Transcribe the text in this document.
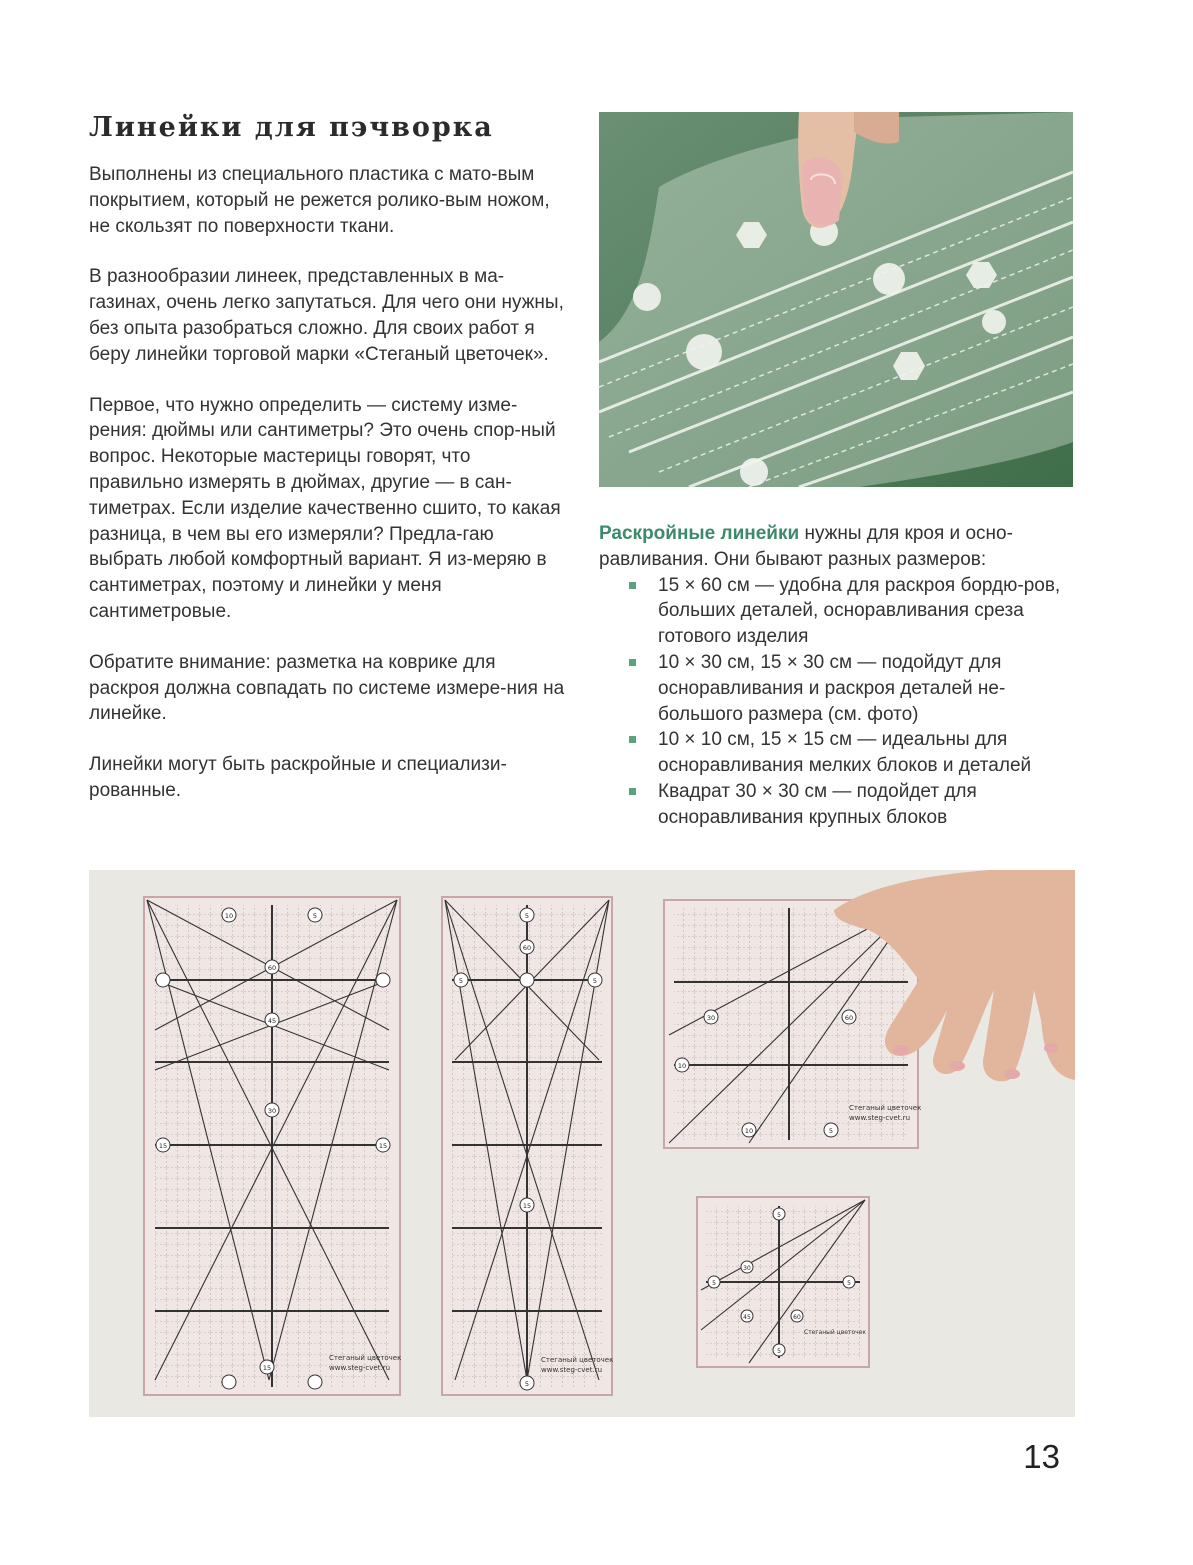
Линейки для пэчворка

Выполнены из специального пластика с мато-вым покрытием, который не режется ролико-вым ножом, не скользят по поверхности ткани.

В разнообразии линеек, представленных в ма-газинах, очень легко запутаться. Для чего они нужны, без опыта разобраться сложно. Для своих работ я беру линейки торговой марки «Стеганый цветочек».

Первое, что нужно определить — систему изме-рения: дюймы или сантиметры? Это очень спор-ный вопрос. Некоторые мастерицы говорят, что правильно измерять в дюймах, другие — в сан-тиметрах. Если изделие качественно сшито, то какая разница, в чем вы его измеряли? Предла-гаю выбрать любой комфортный вариант. Я из-меряю в сантиметрах, поэтому и линейки у меня сантиметровые.

Обратите внимание: разметка на коврике для раскроя должна совпадать по системе измере-ния на линейке.

Линейки могут быть раскройные и специализи-рованные.

Раскройные линейки нужны для кроя и осно-равливания. Они бывают разных размеров:

15 × 60 см — удобна для раскроя бордю-ров, больших деталей, осноравливания среза готового изделия
10 × 30 см, 15 × 30 см — подойдут для осноравливания и раскроя деталей не-большого размера (см. фото)
10 × 10 см, 15 × 15 см — идеальны для осноравливания мелких блоков и деталей
Квадрат 30 × 30 см — подойдет для осноравливания крупных блоков
10	5
60
45
30
15	15
15
Стеганый цветочек
www.steg-cvet.ru
5
60
5	5
15
5
Стеганый цветочек
www.steg-cvet.ru
30
10
10	5
60
Стеганый цветочек
www.steg-cvet.ru
5
30
5	5
45	60
5
Стеганый цветочек
13
